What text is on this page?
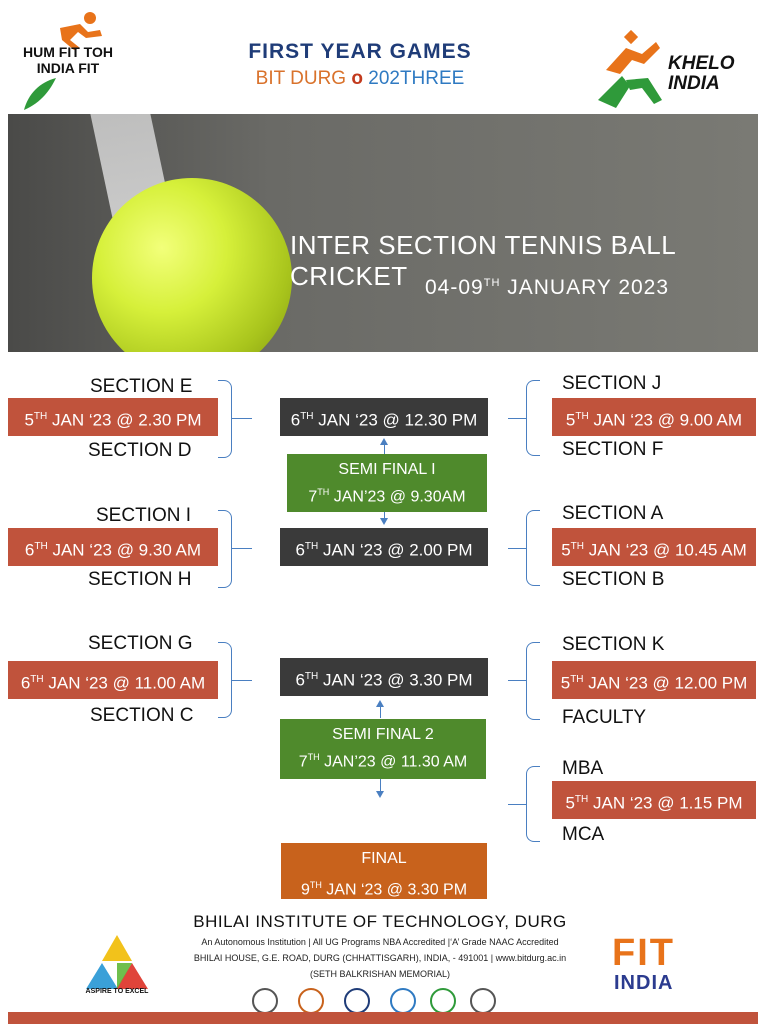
HUM FIT TOH INDIA FIT
FIRST YEAR GAMES
BIT DURG o 202THREE
KHELO INDIA
INTER SECTION TENNIS BALL CRICKET 04-09TH JANUARY 2023
SECTION E
5TH JAN ‘23 @ 2.30 PM
SECTION D
SECTION I
6TH JAN ‘23 @ 9.30 AM
SECTION H
SECTION G
6TH JAN ‘23 @ 11.00 AM
SECTION C
6TH JAN ‘23 @ 12.30 PM
SEMI FINAL I
7TH JAN’23 @ 9.30AM
6TH JAN ‘23 @ 2.00 PM
6TH JAN ‘23 @ 3.30 PM
SEMI FINAL 2
7TH JAN’23 @ 11.30 AM
FINAL
9TH JAN ‘23 @ 3.30 PM
SECTION J
5TH JAN ‘23 @ 9.00 AM
SECTION F
SECTION A
5TH JAN ‘23 @ 10.45 AM
SECTION B
SECTION K
5TH JAN ‘23 @ 12.00 PM
FACULTY
MBA
5TH JAN ‘23 @ 1.15 PM
MCA
BHILAI INSTITUTE OF TECHNOLOGY, DURG
An Autonomous Institution | All UG Programs NBA Accredited |‘A’ Grade NAAC Accredited
BHILAI HOUSE, G.E. ROAD, DURG (CHHATTISGARH), INDIA, - 491001 | www.bitdurg.ac.in
(SETH BALKRISHAN MEMORIAL)
ASPIRE TO EXCEL
FIT
INDIA
